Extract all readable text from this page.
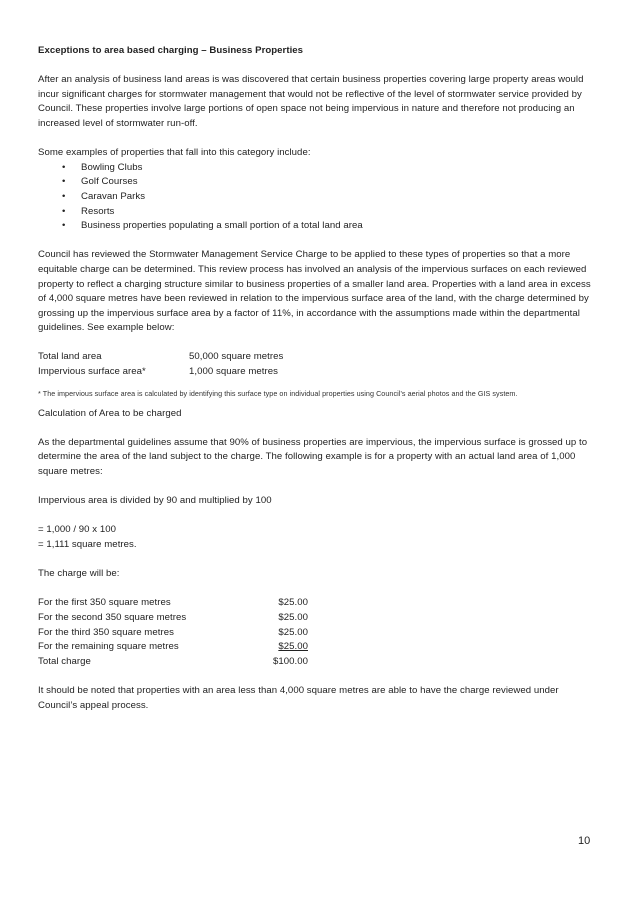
Exceptions to area based charging – Business Properties

After an analysis of business land areas is was discovered that certain business properties covering large property areas would incur significant charges for stormwater management that would not be reflective of the level of stormwater service provided by Council. These properties involve large portions of open space not being impervious in nature and therefore not producing an increased level of stormwater run-off.

Some examples of properties that fall into this category include:

• Bowling Clubs
• Golf Courses
• Caravan Parks
• Resorts
• Business properties populating a small portion of a total land area

Council has reviewed the Stormwater Management Service Charge to be applied to these types of properties so that a more equitable charge can be determined. This review process has involved an analysis of the impervious surfaces on each reviewed property to reflect a charging structure similar to business properties of a smaller land area. Properties with a land area in excess of 4,000 square metres have been reviewed in relation to the impervious surface area of the land, with the charge determined by grossing up the impervious surface area by a factor of 11%, in accordance with the assumptions made within the departmental guidelines. See example below:

Total land area	50,000 square metres
Impervious surface area*	1,000 square metres

* The impervious surface area is calculated by identifying this surface type on individual properties using Council’s aerial photos and the GIS system.

Calculation of Area to be charged

As the departmental guidelines assume that 90% of business properties are impervious, the impervious surface is grossed up to determine the area of the land subject to the charge. The following example is for a property with an actual land area of 1,000 square metres:

Impervious area is divided by 90 and multiplied by 100

= 1,000 / 90 x 100

= 1,111 square metres.

The charge will be:

For the first 350 square metres	$25.00
For the second 350 square metres	$25.00
For the third 350 square metres	$25.00
For the remaining square metres	$25.00
Total charge	$100.00

It should be noted that properties with an area less than 4,000 square metres are able to have the charge reviewed under Council’s appeal process.

10
